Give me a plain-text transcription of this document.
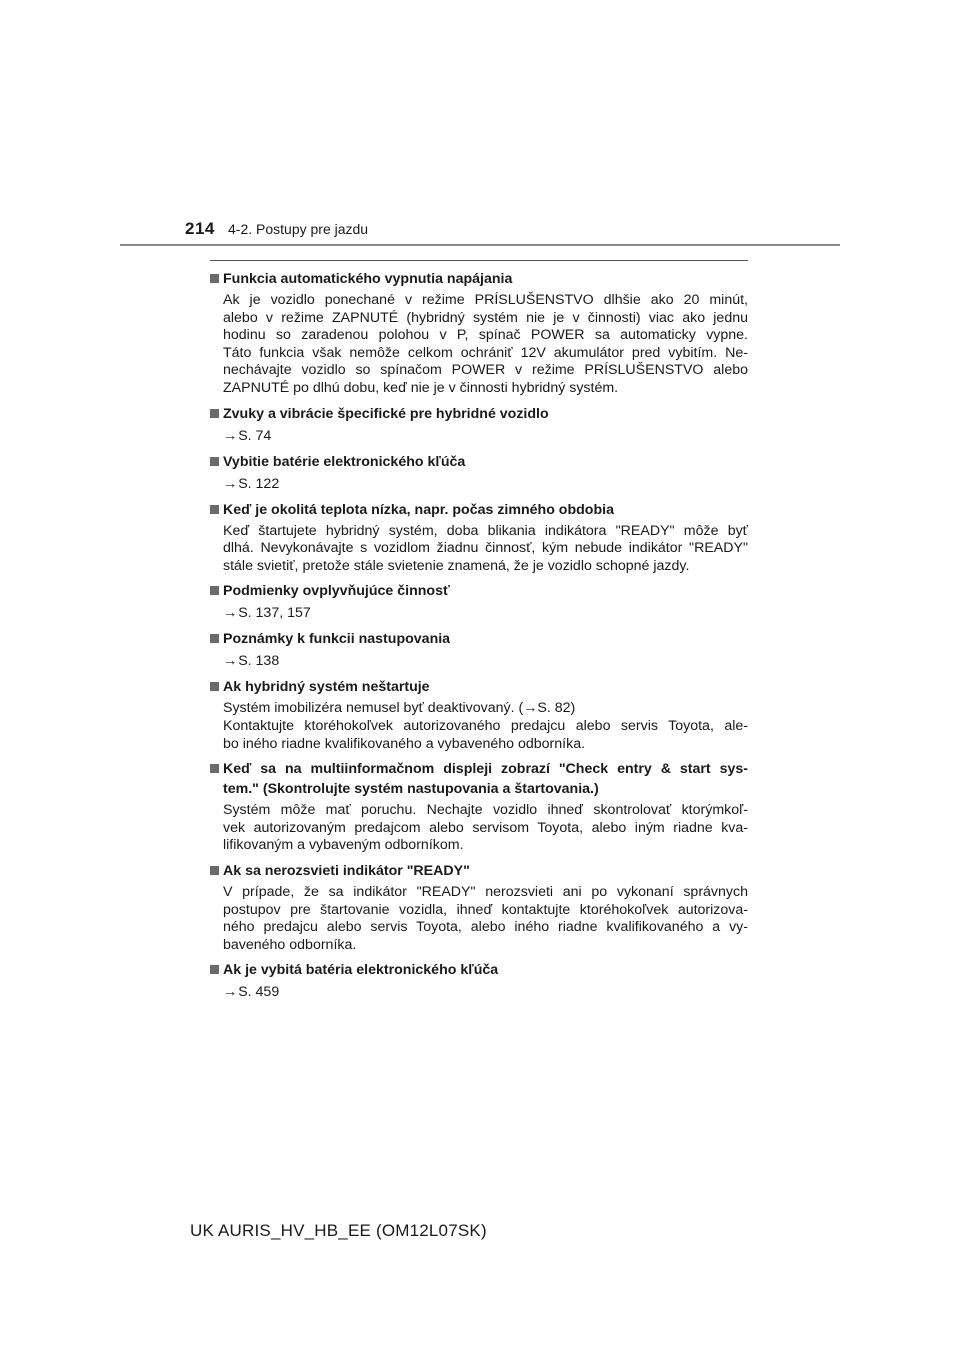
214 4-2. Postupy pre jazdu
Funkcia automatického vypnutia napájania
Ak je vozidlo ponechané v režime PRÍSLUŠENSTVO dlhšie ako 20 minút,
alebo v režime ZAPNUTÉ (hybridný systém nie je v činnosti) viac ako jednu
hodinu so zaradenou polohou v P, spínač POWER sa automaticky vypne.
Táto funkcia však nemôže celkom ochrániť 12V akumulátor pred vybitím. Ne-
nechávajte vozidlo so spínačom POWER v režime PRÍSLUŠENSTVO alebo
ZAPNUTÉ po dlhú dobu, keď nie je v činnosti hybridný systém.
Zvuky a vibrácie špecifické pre hybridné vozidlo
→S. 74
Vybitie batérie elektronického kľúča
→S. 122
Keď je okolitá teplota nízka, napr. počas zimného obdobia
Keď štartujete hybridný systém, doba blikania indikátora "READY" môže byť
dlhá. Nevykonávajte s vozidlom žiadnu činnosť, kým nebude indikátor "READY"
stále svietiť, pretože stále svietenie znamená, že je vozidlo schopné jazdy.
Podmienky ovplyvňujúce činnosť
→S. 137, 157
Poznámky k funkcii nastupovania
→S. 138
Ak hybridný systém neštartuje
Systém imobilizéra nemusel byť deaktivovaný. (→S. 82)
Kontaktujte ktoréhokoľvek autorizovaného predajcu alebo servis Toyota, ale-
bo iného riadne kvalifikovaného a vybaveného odborníka.
Keď sa na multiinformačnom displeji zobrazí "Check entry & start sys-
tem." (Skontrolujte systém nastupovania a štartovania.)
Systém môže mať poruchu. Nechajte vozidlo ihneď skontrolovať ktorýmkoľ-
vek autorizovaným predajcom alebo servisom Toyota, alebo iným riadne kva-
lifikovaným a vybaveným odborníkom.
Ak sa nerozsvieti indikátor "READY"
V prípade, že sa indikátor "READY" nerozsvieti ani po vykonaní správnych
postupov pre štartovanie vozidla, ihneď kontaktujte ktoréhokoľvek autorizova-
ného predajcu alebo servis Toyota, alebo iného riadne kvalifikovaného a vy-
baveného odborníka.
Ak je vybitá batéria elektronického kľúča
→S. 459
UK AURIS_HV_HB_EE (OM12L07SK)
